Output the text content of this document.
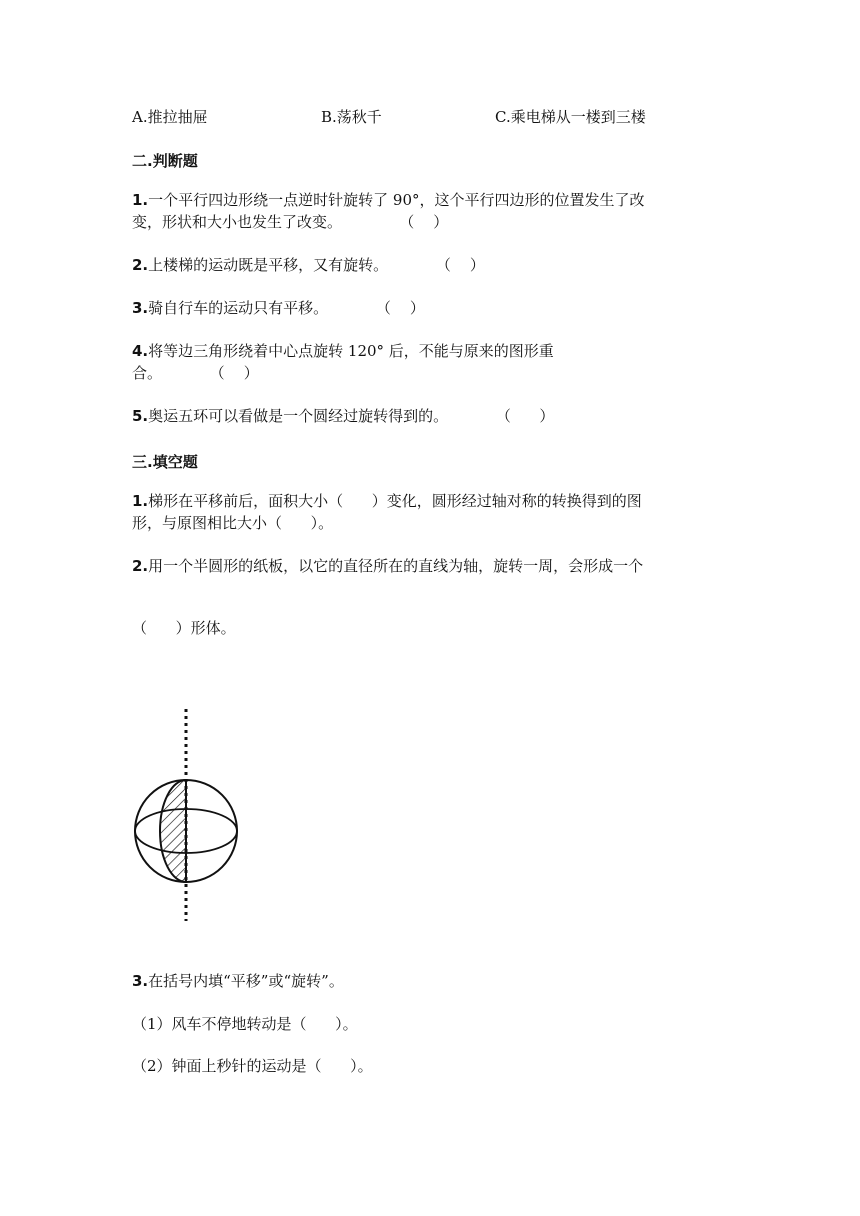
A.推拉抽屉	B.荡秋千	C.乘电梯从一楼到三楼
二.判断题
1.一个平行四边形绕一点逆时针旋转了 90°，这个平行四边形的位置发生了改
变，形状和大小也发生了改变。            （    ）
2.上楼梯的运动既是平移，又有旋转。          （    ）
3.骑自行车的运动只有平移。          （    ）
4.将等边三角形绕着中心点旋转 120° 后，不能与原来的图形重
合。          （    ）
5.奥运五环可以看做是一个圆经过旋转得到的。          （      ）
三.填空题
1.梯形在平移前后，面积大小（      ）变化，圆形经过轴对称的转换得到的图
形，与原图相比大小（      ）。
2.用一个半圆形的纸板，以它的直径所在的直线为轴，旋转一周，会形成一个
（      ）形体。
3.在括号内填“平移”或“旋转”。
（1）风车不停地转动是（      ）。
（2）钟面上秒针的运动是（      ）。
